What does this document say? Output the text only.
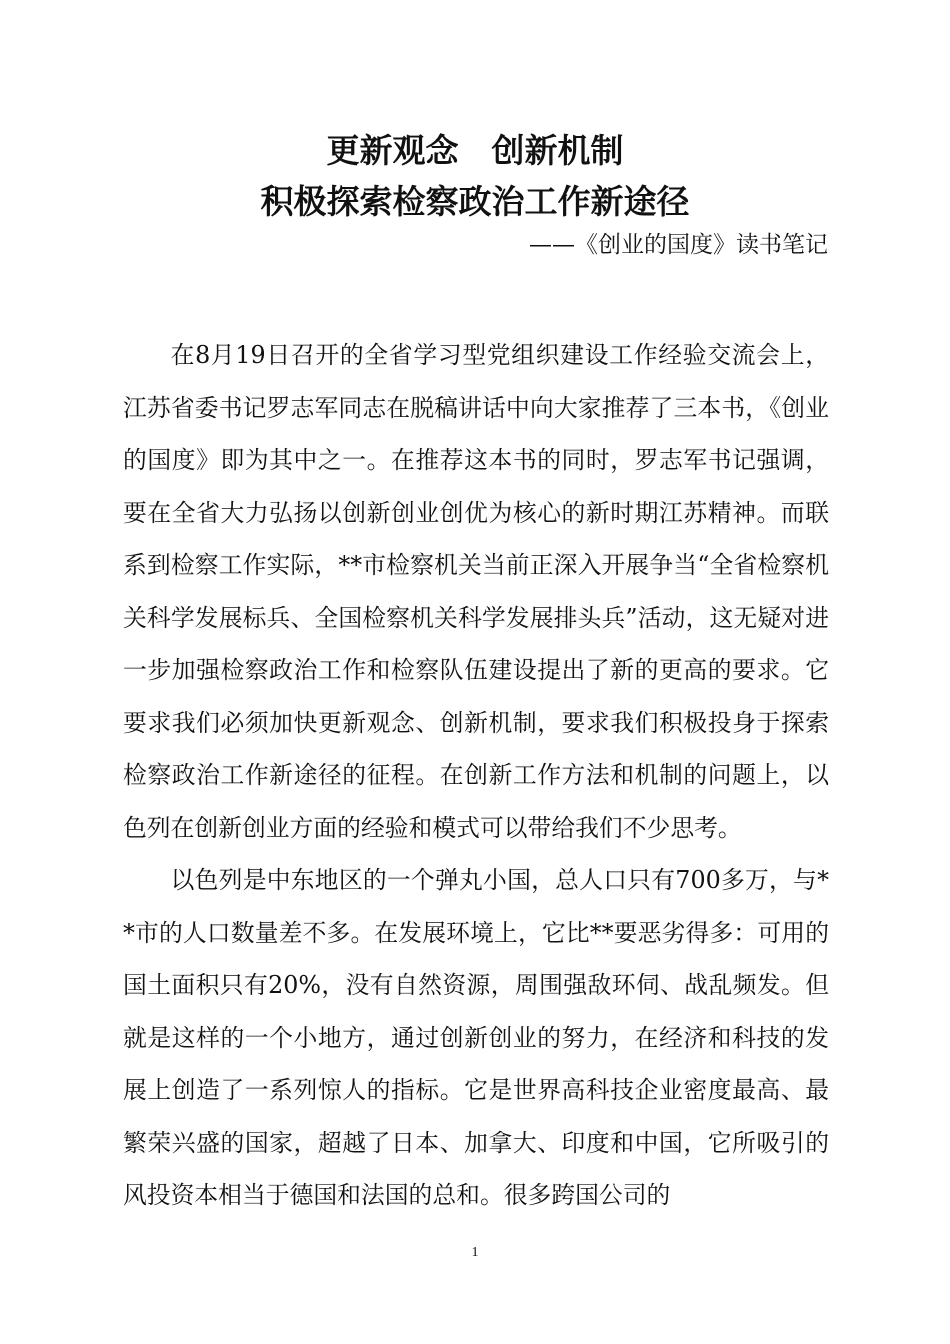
更新观念　创新机制
积极探索检察政治工作新途径
——《创业的国度》读书笔记

在8月19日召开的全省学习型党组织建设工作经验交流会上，江苏省委书记罗志军同志在脱稿讲话中向大家推荐了三本书，《创业的国度》即为其中之一。在推荐这本书的同时，罗志军书记强调，要在全省大力弘扬以创新创业创优为核心的新时期江苏精神。而联系到检察工作实际，**市检察机关当前正深入开展争当“全省检察机关科学发展标兵、全国检察机关科学发展排头兵”活动，这无疑对进一步加强检察政治工作和检察队伍建设提出了新的更高的要求。它要求我们必须加快更新观念、创新机制，要求我们积极投身于探索检察政治工作新途径的征程。在创新工作方法和机制的问题上，以色列在创新创业方面的经验和模式可以带给我们不少思考。

以色列是中东地区的一个弹丸小国，总人口只有700多万，与**市的人口数量差不多。在发展环境上，它比**要恶劣得多：可用的国土面积只有20%，没有自然资源，周围强敌环伺、战乱频发。但就是这样的一个小地方，通过创新创业的努力，在经济和科技的发展上创造了一系列惊人的指标。它是世界高科技企业密度最高、最繁荣兴盛的国家，超越了日本、加拿大、印度和中国，它所吸引的风投资本相当于德国和法国的总和。很多跨国公司的

1
